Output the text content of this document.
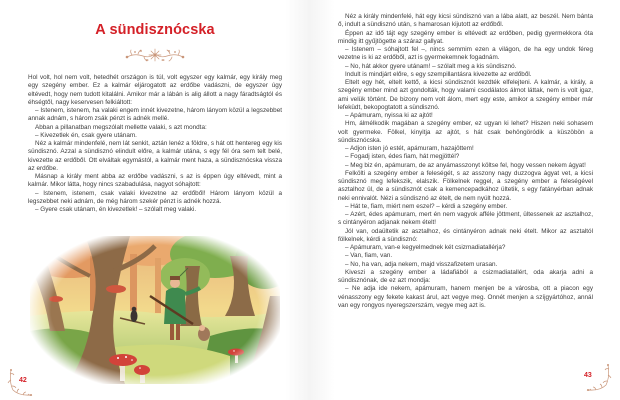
A sündisznócska

Hol volt, hol nem volt, hetedhét országon is túl, volt egyszer egy kalmár, egy király meg egy szegény ember. Ez a kalmár eljárogatott az erdőbe vadászni, de egyszer úgy eltévedt, hogy nem tudott kitalálni. Amikor már a lábán is alig állott a nagy fáradtságtól és éhségtől, nagy keservesen felkiáltott:

– Istenem, istenem, ha valaki engem innét kivezetne, három lányom közül a legszebbet annak adnám, s három zsák pénzt is adnék mellé.

Abban a pillanatban megszólalt mellette valaki, s azt mondta:

– Kivezetlek én, csak gyere utánam.

Néz a kalmár mindenfelé, nem lát senkit, aztán lenéz a földre, s hát ott hentereg egy kis sündisznó. Azzal a sündisznó elindult előre, a kalmár utána, s egy fél óra sem telt belé, kivezette az erdőből. Ott elváltak egymástól, a kalmár ment haza, a sündisznócska vissza az erdőbe.

Másnap a király ment abba az erdőbe vadászni, s az is éppen úgy eltévedt, mint a kalmár. Mikor látta, hogy nincs szabadulása, nagyot sóhajtott:

– Istenem, istenem, csak valaki kivezetne az erdőből! Három lányom közül a legszebbet neki adnám, de még három szekér pénzt is adnék hozzá.

– Gyere csak utánam, én kivezetlek! – szólalt meg valaki.

42

Néz a király mindenfelé, hát egy kicsi sündisznó van a lába alatt, az beszél. Nem bánta ő, indult a sündisznó után, s hamarosan kijutott az erdőből.

Éppen az idő tájt egy szegény ember is eltévedt az erdőben, pedig gyermekkora óta mindig itt gyűjtögette a száraz gallyat.

– Istenem – sóhajtott fel –, nincs semmim ezen a világon, de ha egy undok féreg vezetne is ki az erdőből, azt is gyermekemnek fogadnám.

– No, hát akkor gyere utánam! – szólalt meg a kis sündisznó.

Indult is mindjárt előre, s egy szempillantásra kivezette az erdőből.

Eltelt egy hét, eltelt kettő, a kicsi sündisznót kezdték elfelejteni. A kalmár, a király, a szegény ember mind azt gondolták, hogy valami csodálatos álmot láttak, nem is volt igaz, ami velük történt. De bizony nem volt álom, mert egy este, amikor a szegény ember már lefeküdt, bekopogtatott a sündisznó.

– Apámuram, nyissa ki az ajtót!

Hm, álmélkodik magában a szegény ember, ez ugyan ki lehet? Hiszen neki sohasem volt gyermeke. Fölkel, kinyitja az ajtót, s hát csak behöngöródik a küszöbön a sündisznócska.

– Adjon isten jó estét, apámuram, hazajöttem!

– Fogadj isten, édes fiam, hát megjöttél?

– Meg biz én, apámuram, de az anyámasszonyt költse fel, hogy vessen nekem ágyat!

Felkölti a szegény ember a feleségét, s az asszony nagy duzzogva ágyat vet, a kicsi sündisznó meg lefekszik, elalszik. Fölkelnek reggel, a szegény ember a feleségével asztalhoz ül, de a sündisznót csak a kemencepadkához ültetik, s egy fatányérban adnak neki ennivalót. Nézi a sündisznó az ételt, de nem nyúlt hozzá.

– Hát te, fiam, miért nem eszel? – kérdi a szegény ember.

– Azért, édes apámuram, mert én nem vagyok afféle jöttment, ültessenek az asztalhoz, s cintányéron adjanak nekem ételt!

Jól van, odaültetik az asztalhoz, és cintányéron adnak neki ételt. Mikor az asztaltól fölkelnek, kérdi a sündisznó:

– Apámuram, van-e kegyelmednek két csizmadiatallérja?

– Van, fiam, van.

– No, ha van, adja nekem, majd visszafizetem urasan.

Kiveszi a szegény ember a ládafiából a csizmadiatallért, oda akarja adni a sündisznónak, de ez azt mondja:

– Ne adja ide nekem, apámuram, hanem menjen be a városba, ott a piacon egy vénasszony egy fekete kakast árul, azt vegye meg. Onnét menjen a szíjgyártóhoz, annál van egy rongyos nyeregszerszám, vegye meg azt is.

43
